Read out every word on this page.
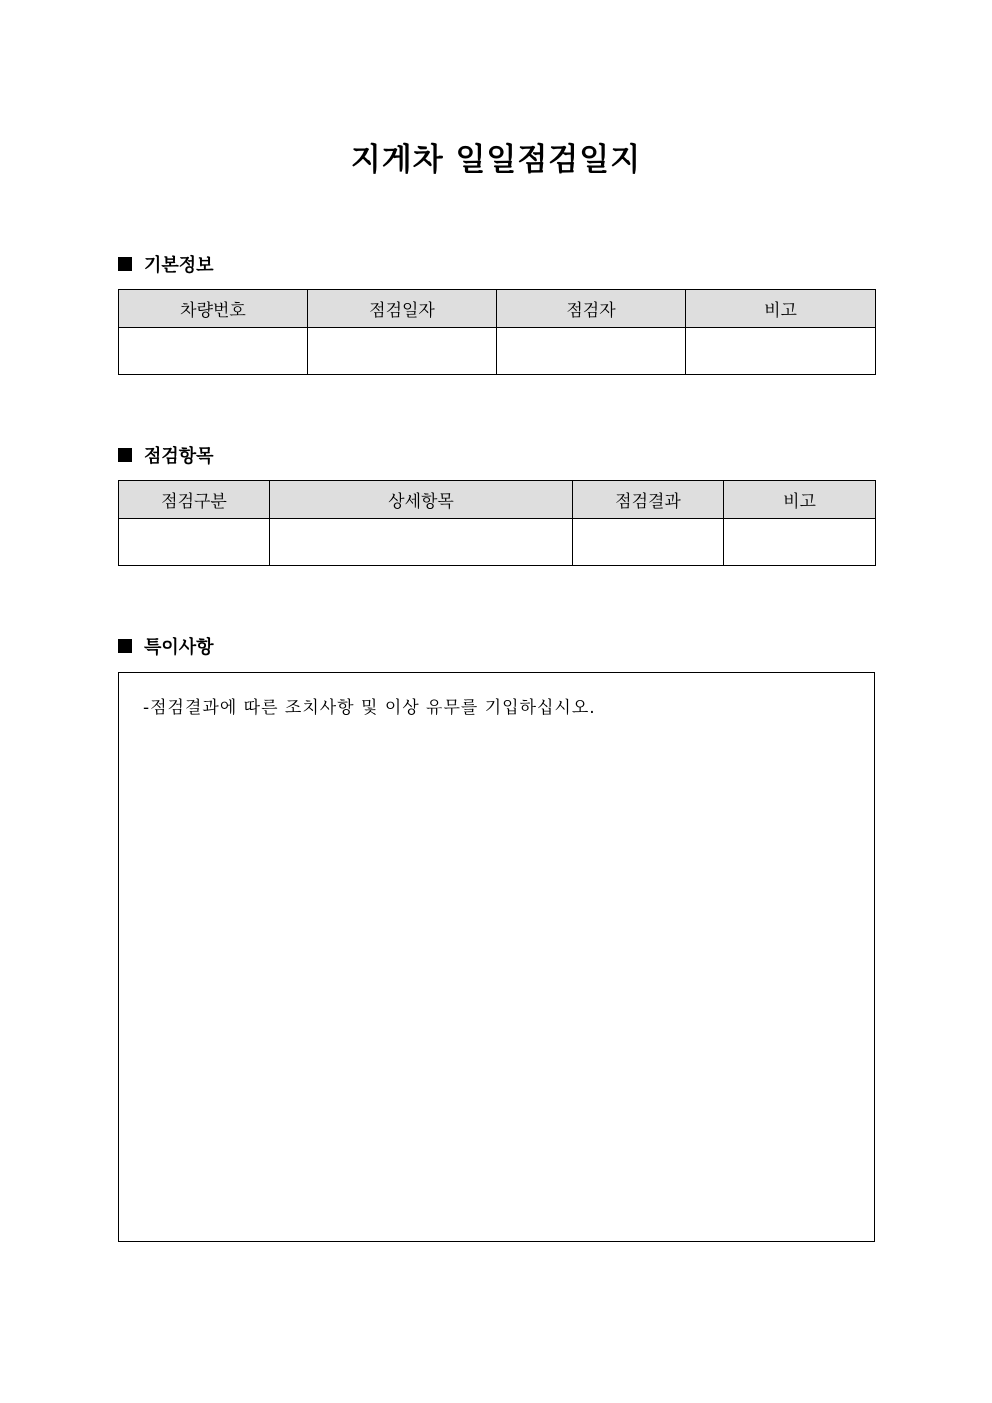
지게차 일일점검일지
기본정보
차량번호	점검일자	점검자	비고

점검항목
점검구분	상세항목	점검결과	비고

특이사항
-점검결과에 따른 조치사항 및 이상 유무를 기입하십시오.
